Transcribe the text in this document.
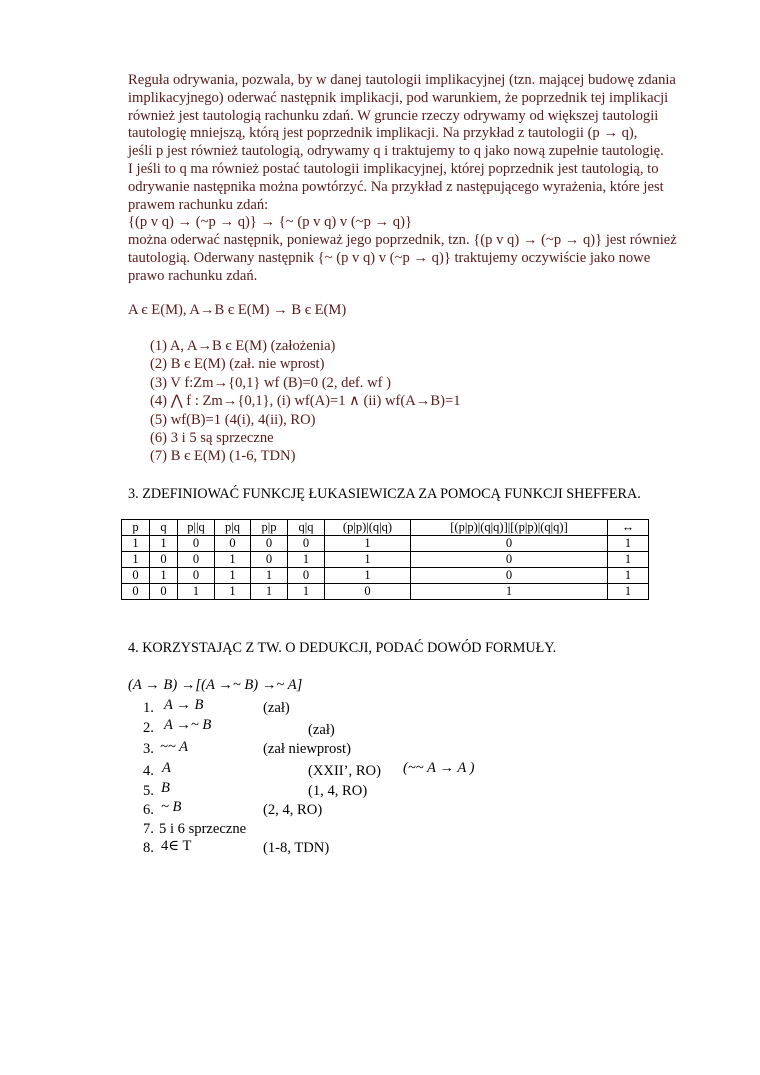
Reguła odrywania, pozwala, by w danej tautologii implikacyjnej (tzn. mającej budowę zdania
implikacyjnego) oderwać następnik implikacji, pod warunkiem, że poprzednik tej implikacji
również jest tautologią rachunku zdań. W gruncie rzeczy odrywamy od większej tautologii
tautologię mniejszą, którą jest poprzednik implikacji. Na przykład z tautologii (p → q),
jeśli p jest również tautologią, odrywamy q i traktujemy to q jako nową zupełnie tautologię.
I jeśli to q ma również postać tautologii implikacyjnej, której poprzednik jest tautologią, to
odrywanie następnika można powtórzyć. Na przykład z następującego wyrażenia, które jest
prawem rachunku zdań:
{(p v q) → (~p → q)} → {~ (p v q) v (~p → q)}
można oderwać następnik, ponieważ jego poprzednik, tzn. {(p v q) → (~p → q)} jest również
tautologią. Oderwany następnik {~ (p v q) v (~p → q)} traktujemy oczywiście jako nowe
prawo rachunku zdań.
A є E(M), A→B є E(M) → B є E(M)
(1) A, A→B є E(M) (założenia)
(2) B є E(M) (zał. nie wprost)
(3) V f:Zm→{0,1} wf (B)=0 (2, def. wf )
(4) ⋀ f : Zm→{0,1}, (i) wf(A)=1 ∧ (ii) wf(A→B)=1
(5) wf(B)=1 (4(i), 4(ii), RO)
(6) 3 i 5 są sprzeczne
(7) B є E(M) (1-6, TDN)
3. ZDEFINIOWAĆ FUNKCJĘ ŁUKASIEWICZA ZA POMOCĄ FUNKCJI SHEFFERA.
p	q	p||q	p|q	p|p	q|q	(p|p)|(q|q)	[(p|p)|(q|q)]|[(p|p)|(q|q)]	↔
1	1	0	0	0	0	1	0	1
1	0	0	1	0	1	1	0	1
0	1	0	1	1	0	1	0	1
0	0	1	1	1	1	0	1	1
4. KORZYSTAJĄC Z TW. O DEDUKCJI, PODAĆ DOWÓD FORMUŁY.
(A → B) →[(A →~ B) →~ A]
1. A → B	(zał)
2. A →~ B	(zał)
3. ~~ A	(zał niewprost)
4. A	(XXII’, RO) (~~ A → A )
5. B	(1, 4, RO)
6. ~ B	(2, 4, RO)
7. 5 i 6 sprzeczne
8. 4∈ T	(1-8, TDN)
